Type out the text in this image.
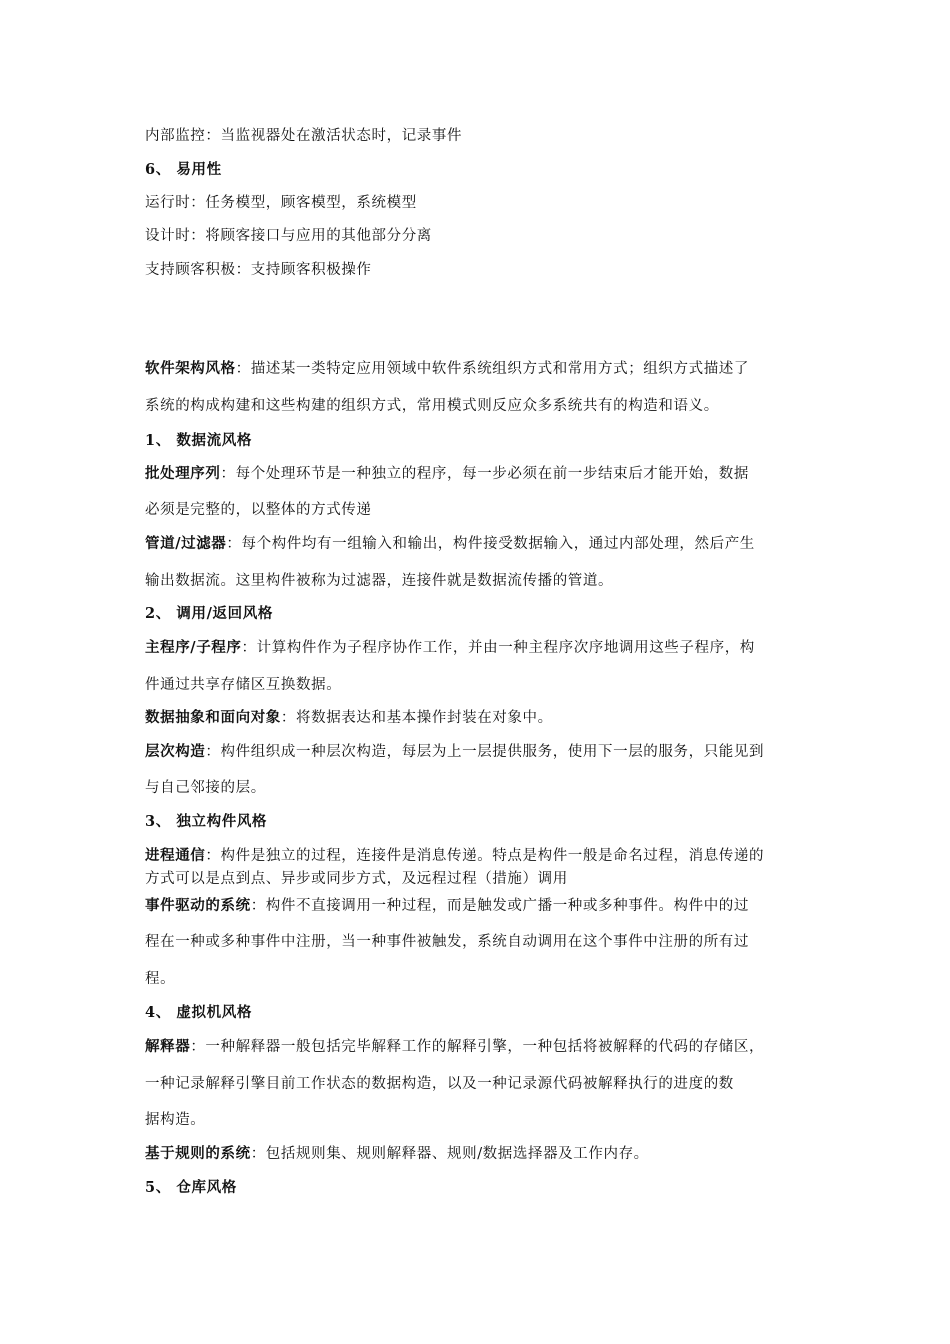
内部监控：当监视器处在激活状态时，记录事件
6、 易用性
运行时：任务模型，顾客模型，系统模型
设计时：将顾客接口与应用的其他部分分离
支持顾客积极：支持顾客积极操作
软件架构风格：描述某一类特定应用领域中软件系统组织方式和常用方式；组织方式描述了
系统的构成构建和这些构建的组织方式，常用模式则反应众多系统共有的构造和语义。
1、 数据流风格
批处理序列：每个处理环节是一种独立的程序，每一步必须在前一步结束后才能开始，数据
必须是完整的，以整体的方式传递
管道/过滤器：每个构件均有一组输入和输出，构件接受数据输入，通过内部处理，然后产生
输出数据流。这里构件被称为过滤器，连接件就是数据流传播的管道。
2、 调用/返回风格
主程序/子程序：计算构件作为子程序协作工作，并由一种主程序次序地调用这些子程序，构
件通过共享存储区互换数据。
数据抽象和面向对象：将数据表达和基本操作封装在对象中。
层次构造：构件组织成一种层次构造，每层为上一层提供服务，使用下一层的服务，只能见到
与自己邻接的层。
3、 独立构件风格
进程通信：构件是独立的过程，连接件是消息传递。特点是构件一般是命名过程，消息传递的
方式可以是点到点、异步或同步方式，及远程过程（措施）调用
事件驱动的系统：构件不直接调用一种过程，而是触发或广播一种或多种事件。构件中的过
程在一种或多种事件中注册，当一种事件被触发，系统自动调用在这个事件中注册的所有过
程。
4、 虚拟机风格
解释器：一种解释器一般包括完毕解释工作的解释引擎，一种包括将被解释的代码的存储区，
一种记录解释引擎目前工作状态的数据构造，以及一种记录源代码被解释执行的进度的数
据构造。
基于规则的系统：包括规则集、规则解释器、规则/数据选择器及工作内存。
5、 仓库风格
